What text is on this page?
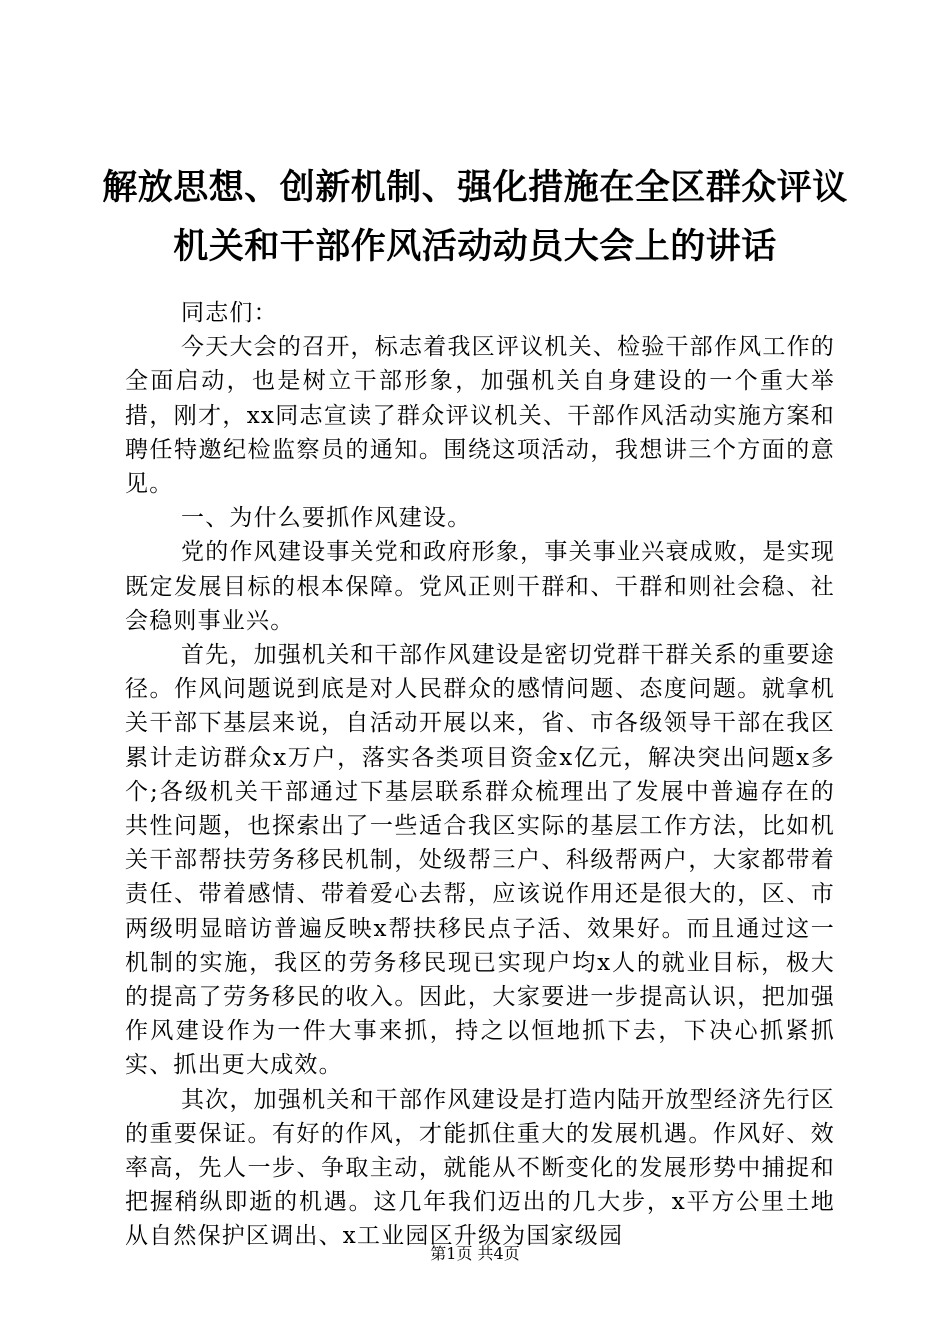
解放思想、创新机制、强化措施在全区群众评议机关和干部作风活动动员大会上的讲话

同志们：

今天大会的召开，标志着我区评议机关、检验干部作风工作的全面启动，也是树立干部形象，加强机关自身建设的一个重大举措，刚才，xx同志宣读了群众评议机关、干部作风活动实施方案和聘任特邀纪检监察员的通知。围绕这项活动，我想讲三个方面的意见。

一、为什么要抓作风建设。

党的作风建设事关党和政府形象，事关事业兴衰成败，是实现既定发展目标的根本保障。党风正则干群和、干群和则社会稳、社会稳则事业兴。

首先，加强机关和干部作风建设是密切党群干群关系的重要途径。作风问题说到底是对人民群众的感情问题、态度问题。就拿机关干部下基层来说，自活动开展以来，省、市各级领导干部在我区累计走访群众x万户，落实各类项目资金x亿元，解决突出问题x多个;各级机关干部通过下基层联系群众梳理出了发展中普遍存在的共性问题，也探索出了一些适合我区实际的基层工作方法，比如机关干部帮扶劳务移民机制，处级帮三户、科级帮两户，大家都带着责任、带着感情、带着爱心去帮，应该说作用还是很大的，区、市两级明显暗访普遍反映x帮扶移民点子活、效果好。而且通过这一机制的实施，我区的劳务移民现已实现户均x人的就业目标，极大的提高了劳务移民的收入。因此，大家要进一步提高认识，把加强作风建设作为一件大事来抓，持之以恒地抓下去，下决心抓紧抓实、抓出更大成效。

其次，加强机关和干部作风建设是打造内陆开放型经济先行区的重要保证。有好的作风，才能抓住重大的发展机遇。作风好、效率高，先人一步、争取主动，就能从不断变化的发展形势中捕捉和把握稍纵即逝的机遇。这几年我们迈出的几大步，x平方公里土地从自然保护区调出、x工业园区升级为国家级园

第1页 共4页
